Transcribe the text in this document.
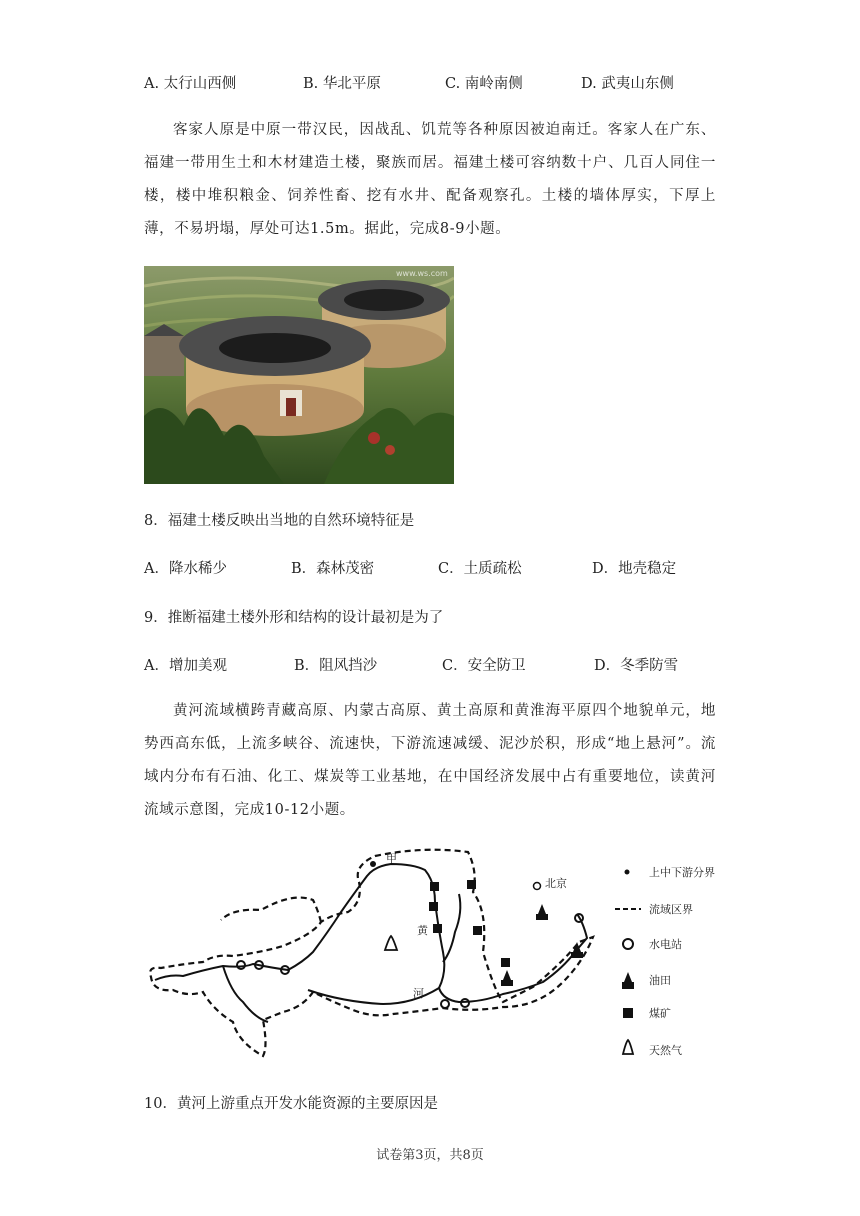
A. 太行山西侧	B. 华北平原	C. 南岭南侧	D. 武夷山东侧
客家人原是中原一带汉民，因战乱、饥荒等各种原因被迫南迁。客家人在广东、福建一带用生土和木材建造土楼，聚族而居。福建土楼可容纳数十户、几百人同住一楼，楼中堆积粮金、饲养性畜、挖有水井、配备观察孔。土楼的墙体厚实，下厚上薄，不易坍塌，厚处可达1.5m。据此，完成8-9小题。
www.ws.com
8．福建土楼反映出当地的自然环境特征是
A．降水稀少	B．森林茂密	C．土质疏松	D．地壳稳定
9．推断福建土楼外形和结构的设计最初是为了
A．增加美观	B．阻风挡沙	C．安全防卫	D．冬季防雪
黄河流域横跨青藏高原、内蒙古高原、黄土高原和黄淮海平原四个地貌单元，地势西高东低，上流多峡谷、流速快，下游流速减缓、泥沙於积，形成“地上悬河”。流域内分布有石油、化工、煤炭等工业基地，在中国经济发展中占有重要地位，读黄河流域示意图，完成10-12小题。
甲
黄
河
北京
上中下游分界
流域区界
水电站
油田
煤矿
天然气
10．黄河上游重点开发水能资源的主要原因是
试卷第3页，共8页
